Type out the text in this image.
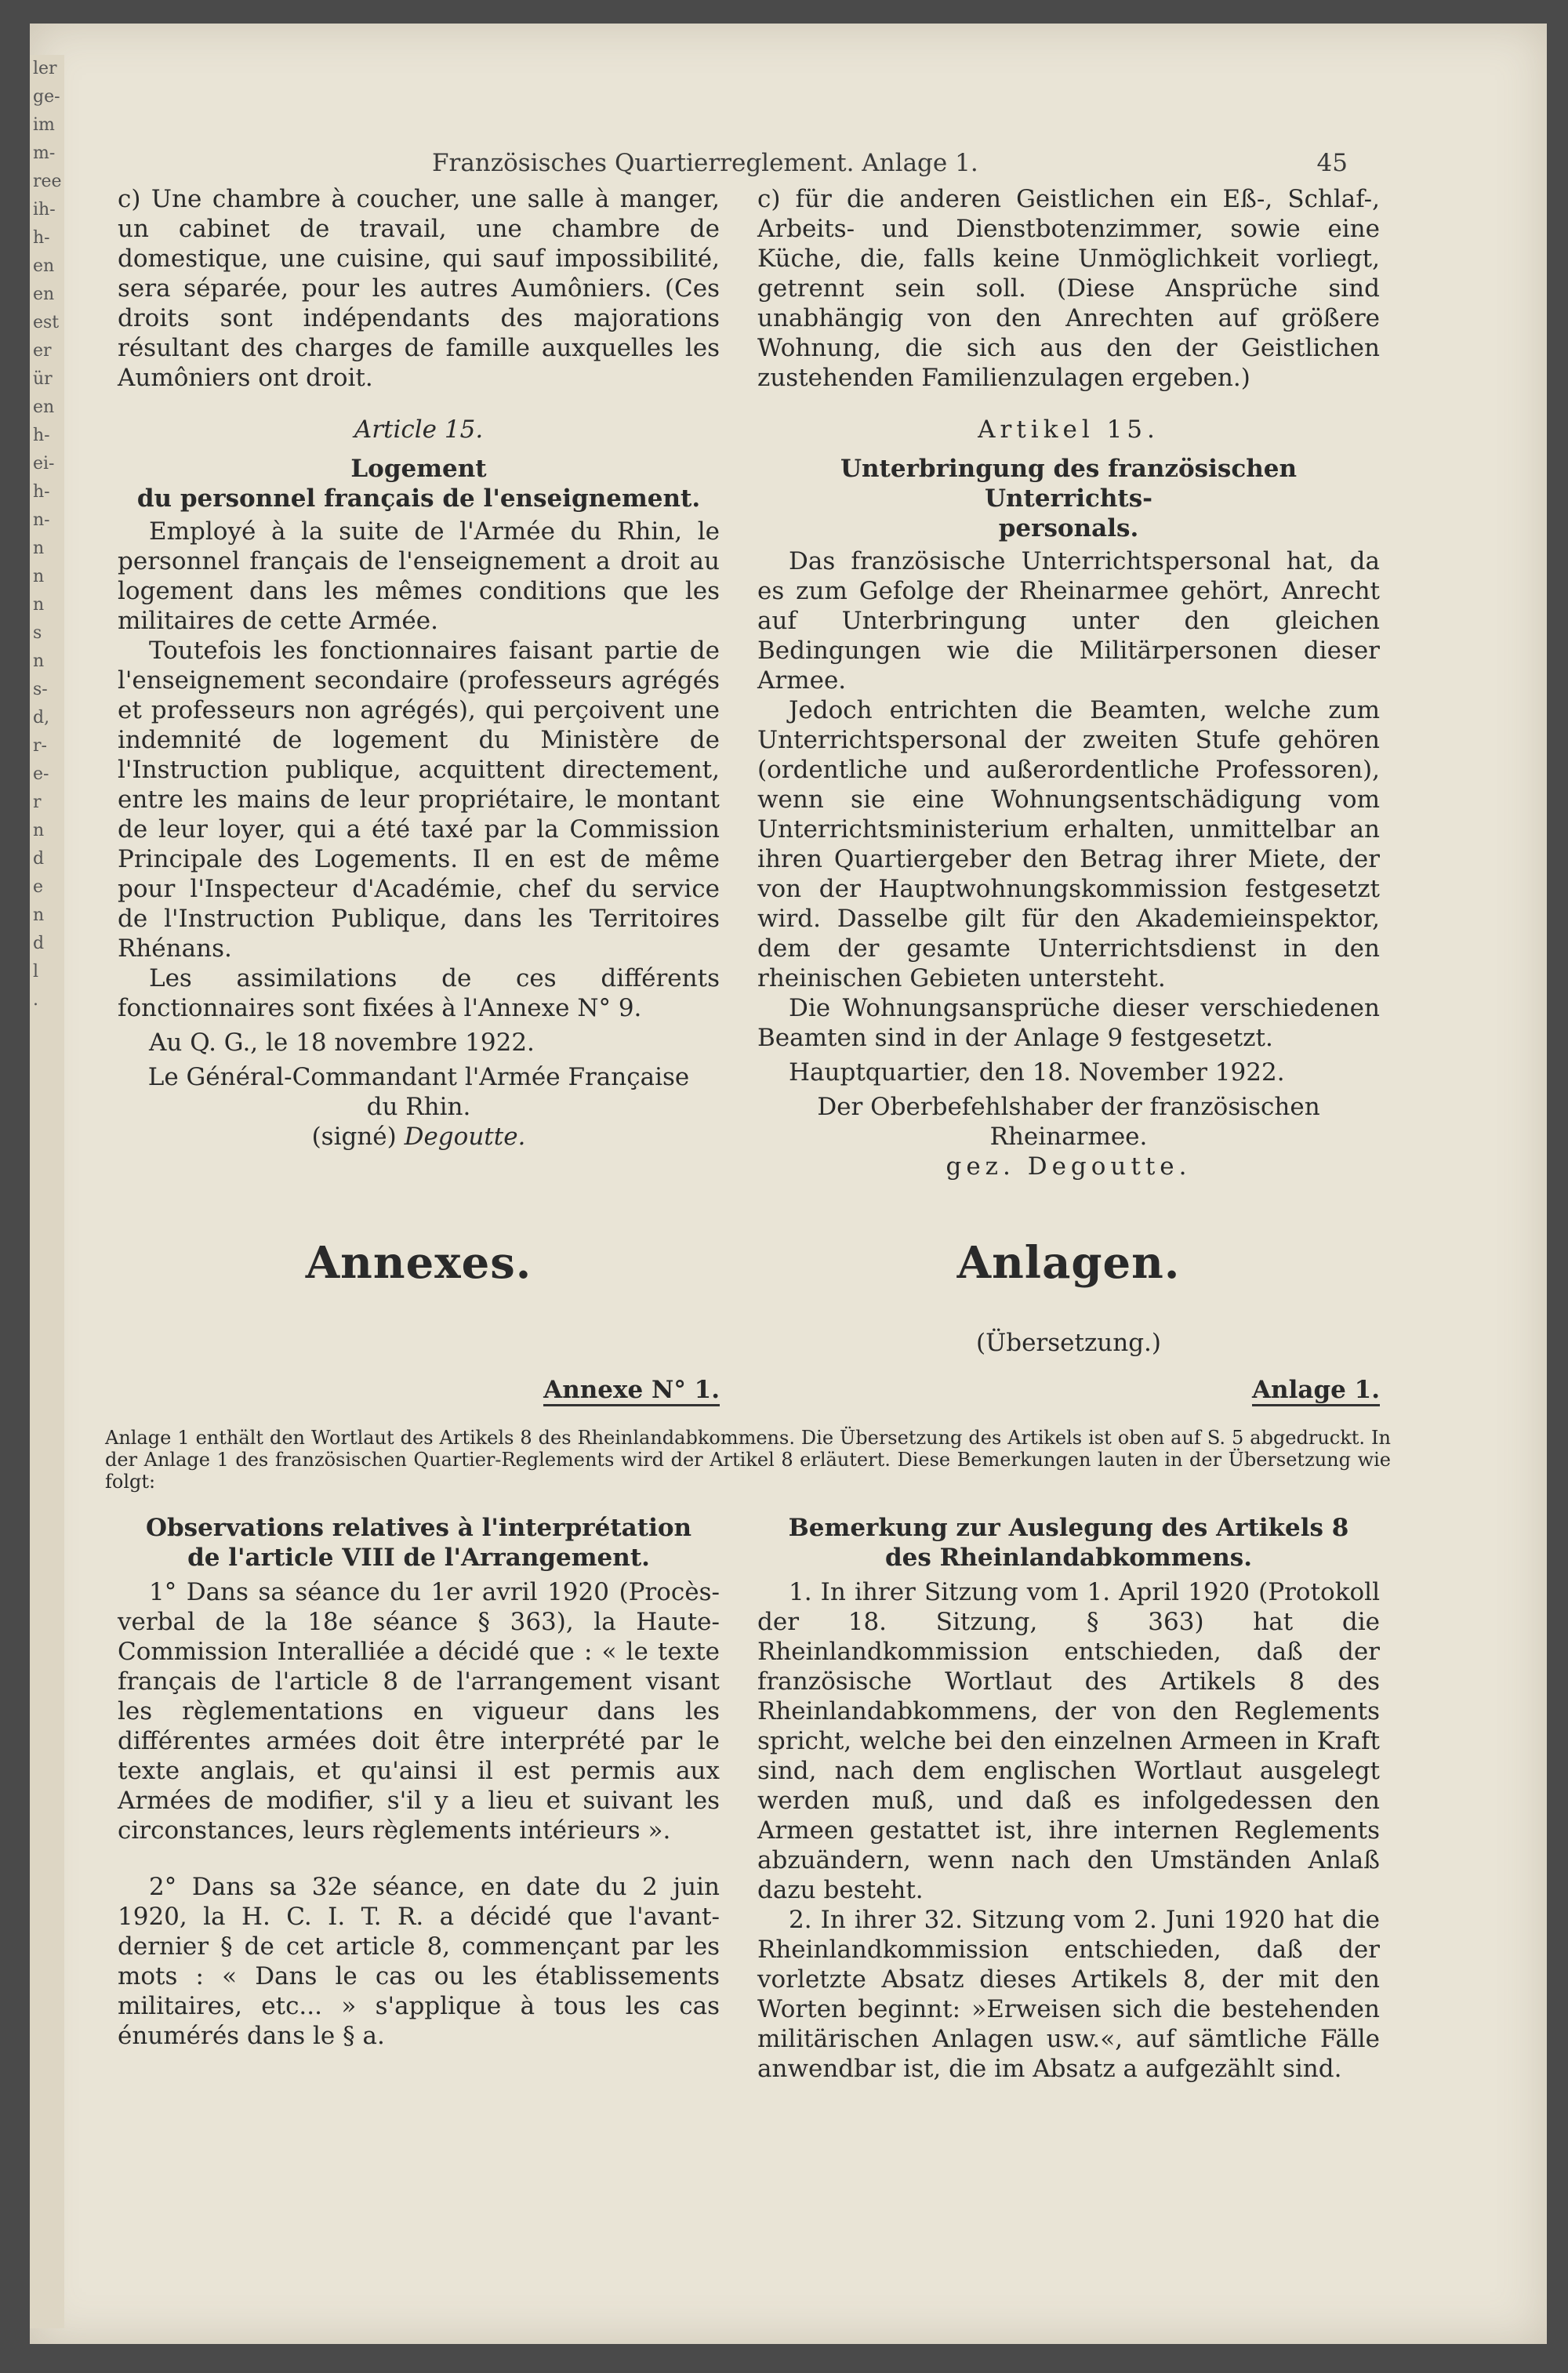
ler
ge-
im
m-
ree
ih-
h-
en
en
est
er
ür
en
h-
ei-
h-
n-
n
n
n
s
n
s-
d,
r-
e-
r
n
d
e
n
d
l
.
Französisches Quartierreglement. Anlage 1.	45

c) Une chambre à coucher, une salle à manger, un cabinet de travail, une chambre de domestique, une cuisine, qui sauf impossibilité, sera séparée, pour les autres Aumôniers. (Ces droits sont indépendants des majorations résultant des charges de famille auxquelles les Aumôniers ont droit.

Article 15.

Logement

du personnel français de l'enseignement.

Employé à la suite de l'Armée du Rhin, le personnel français de l'enseignement a droit au logement dans les mêmes conditions que les militaires de cette Armée.

Toutefois les fonctionnaires faisant partie de l'enseignement secondaire (professeurs agrégés et professeurs non agrégés), qui perçoivent une indemnité de logement du Ministère de l'Instruction publique, acquittent directement, entre les mains de leur propriétaire, le montant de leur loyer, qui a été taxé par la Commission Principale des Logements. Il en est de même pour l'Inspecteur d'Académie, chef du service de l'Instruction Publique, dans les Territoires Rhénans.

Les assimilations de ces différents fonctionnaires sont fixées à l'Annexe N° 9.

Au Q. G., le 18 novembre 1922.

Le Général-Commandant l'Armée Française

du Rhin.

(signé) Degoutte.

c) für die anderen Geistlichen ein Eß-, Schlaf-, Arbeits- und Dienstbotenzimmer, sowie eine Küche, die, falls keine Unmöglichkeit vorliegt, getrennt sein soll. (Diese Ansprüche sind unabhängig von den Anrechten auf größere Wohnung, die sich aus den der Geistlichen zustehenden Familienzulagen ergeben.)

Artikel 15.

Unterbringung des französischen Unterrichts-

personals.

Das französische Unterrichtspersonal hat, da es zum Gefolge der Rheinarmee gehört, Anrecht auf Unterbringung unter den gleichen Bedingungen wie die Militärpersonen dieser Armee.

Jedoch entrichten die Beamten, welche zum Unterrichtspersonal der zweiten Stufe gehören (ordentliche und außerordentliche Professoren), wenn sie eine Wohnungsentschädigung vom Unterrichtsministerium erhalten, unmittelbar an ihren Quartiergeber den Betrag ihrer Miete, der von der Hauptwohnungskommission festgesetzt wird. Dasselbe gilt für den Akademieinspektor, dem der gesamte Unterrichtsdienst in den rheinischen Gebieten untersteht.

Die Wohnungsansprüche dieser verschiedenen Beamten sind in der Anlage 9 festgesetzt.

Hauptquartier, den 18. November 1922.

Der Oberbefehlshaber der französischen

Rheinarmee.

gez. Degoutte.

Annexes.	Anlagen.
(Übersetzung.)
Annexe N° 1.	Anlage 1.
Anlage 1 enthält den Wortlaut des Artikels 8 des Rheinlandabkommens. Die Übersetzung des Artikels ist oben auf S. 5 abgedruckt. In der Anlage 1 des französischen Quartier-Reglements wird der Artikel 8 erläutert. Diese Bemerkungen lauten in der Übersetzung wie folgt:

Observations relatives à l'interprétation

de l'article VIII de l'Arrangement.

1° Dans sa séance du 1er avril 1920 (Procès-verbal de la 18e séance § 363), la Haute-Commission Interalliée a décidé que : « le texte français de l'article 8 de l'arrangement visant les règlementations en vigueur dans les différentes armées doit être interprété par le texte anglais, et qu'ainsi il est permis aux Armées de modifier, s'il y a lieu et suivant les circonstances, leurs règlements intérieurs ».

2° Dans sa 32e séance, en date du 2 juin 1920, la H. C. I. T. R. a décidé que l'avant-dernier § de cet article 8, commençant par les mots : « Dans le cas ou les établissements militaires, etc... » s'applique à tous les cas énumérés dans le § a.

Bemerkung zur Auslegung des Artikels 8

des Rheinlandabkommens.

1. In ihrer Sitzung vom 1. April 1920 (Protokoll der 18. Sitzung, § 363) hat die Rheinlandkommission entschieden, daß der französische Wortlaut des Artikels 8 des Rheinlandabkommens, der von den Reglements spricht, welche bei den einzelnen Armeen in Kraft sind, nach dem englischen Wortlaut ausgelegt werden muß, und daß es infolgedessen den Armeen gestattet ist, ihre internen Reglements abzuändern, wenn nach den Umständen Anlaß dazu besteht.

2. In ihrer 32. Sitzung vom 2. Juni 1920 hat die Rheinlandkommission entschieden, daß der vorletzte Absatz dieses Artikels 8, der mit den Worten beginnt: »Erweisen sich die bestehenden militärischen Anlagen usw.«, auf sämtliche Fälle anwendbar ist, die im Absatz a aufgezählt sind.
